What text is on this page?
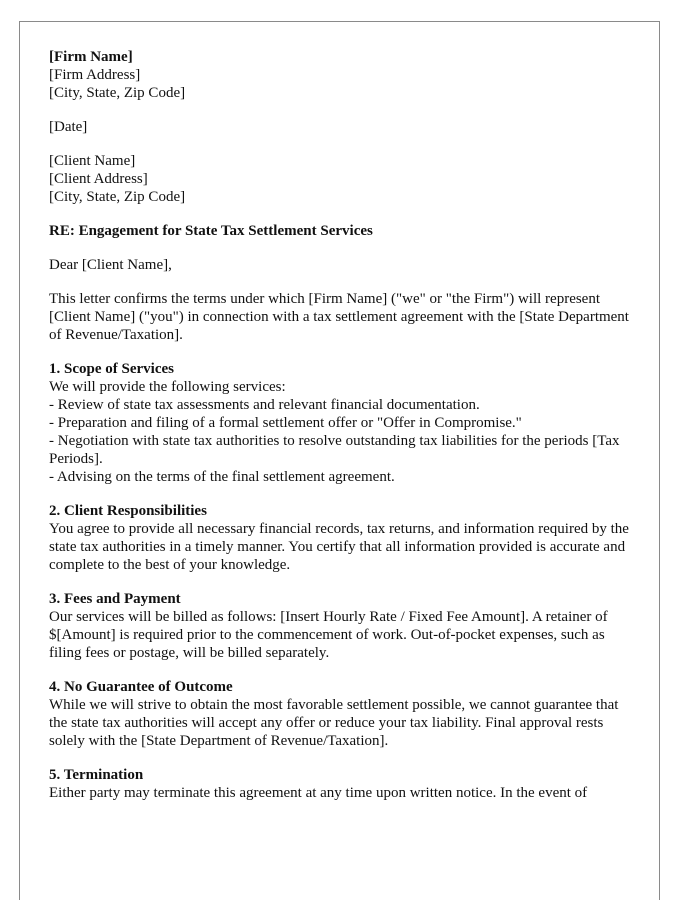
[Firm Name]
[Firm Address]
[City, State, Zip Code]
[Date]
[Client Name]
[Client Address]
[City, State, Zip Code]
RE: Engagement for State Tax Settlement Services
Dear [Client Name],
This letter confirms the terms under which [Firm Name] ("we" or "the Firm") will represent [Client Name] ("you") in connection with a tax settlement agreement with the [State Department of Revenue/Taxation].
1. Scope of Services
We will provide the following services:
- Review of state tax assessments and relevant financial documentation.
- Preparation and filing of a formal settlement offer or "Offer in Compromise."
- Negotiation with state tax authorities to resolve outstanding tax liabilities for the periods [Tax Periods].
- Advising on the terms of the final settlement agreement.
2. Client Responsibilities
You agree to provide all necessary financial records, tax returns, and information required by the state tax authorities in a timely manner. You certify that all information provided is accurate and complete to the best of your knowledge.
3. Fees and Payment
Our services will be billed as follows: [Insert Hourly Rate / Fixed Fee Amount]. A retainer of $[Amount] is required prior to the commencement of work. Out-of-pocket expenses, such as filing fees or postage, will be billed separately.
4. No Guarantee of Outcome
While we will strive to obtain the most favorable settlement possible, we cannot guarantee that the state tax authorities will accept any offer or reduce your tax liability. Final approval rests solely with the [State Department of Revenue/Taxation].
5. Termination
Either party may terminate this agreement at any time upon written notice. In the event of
